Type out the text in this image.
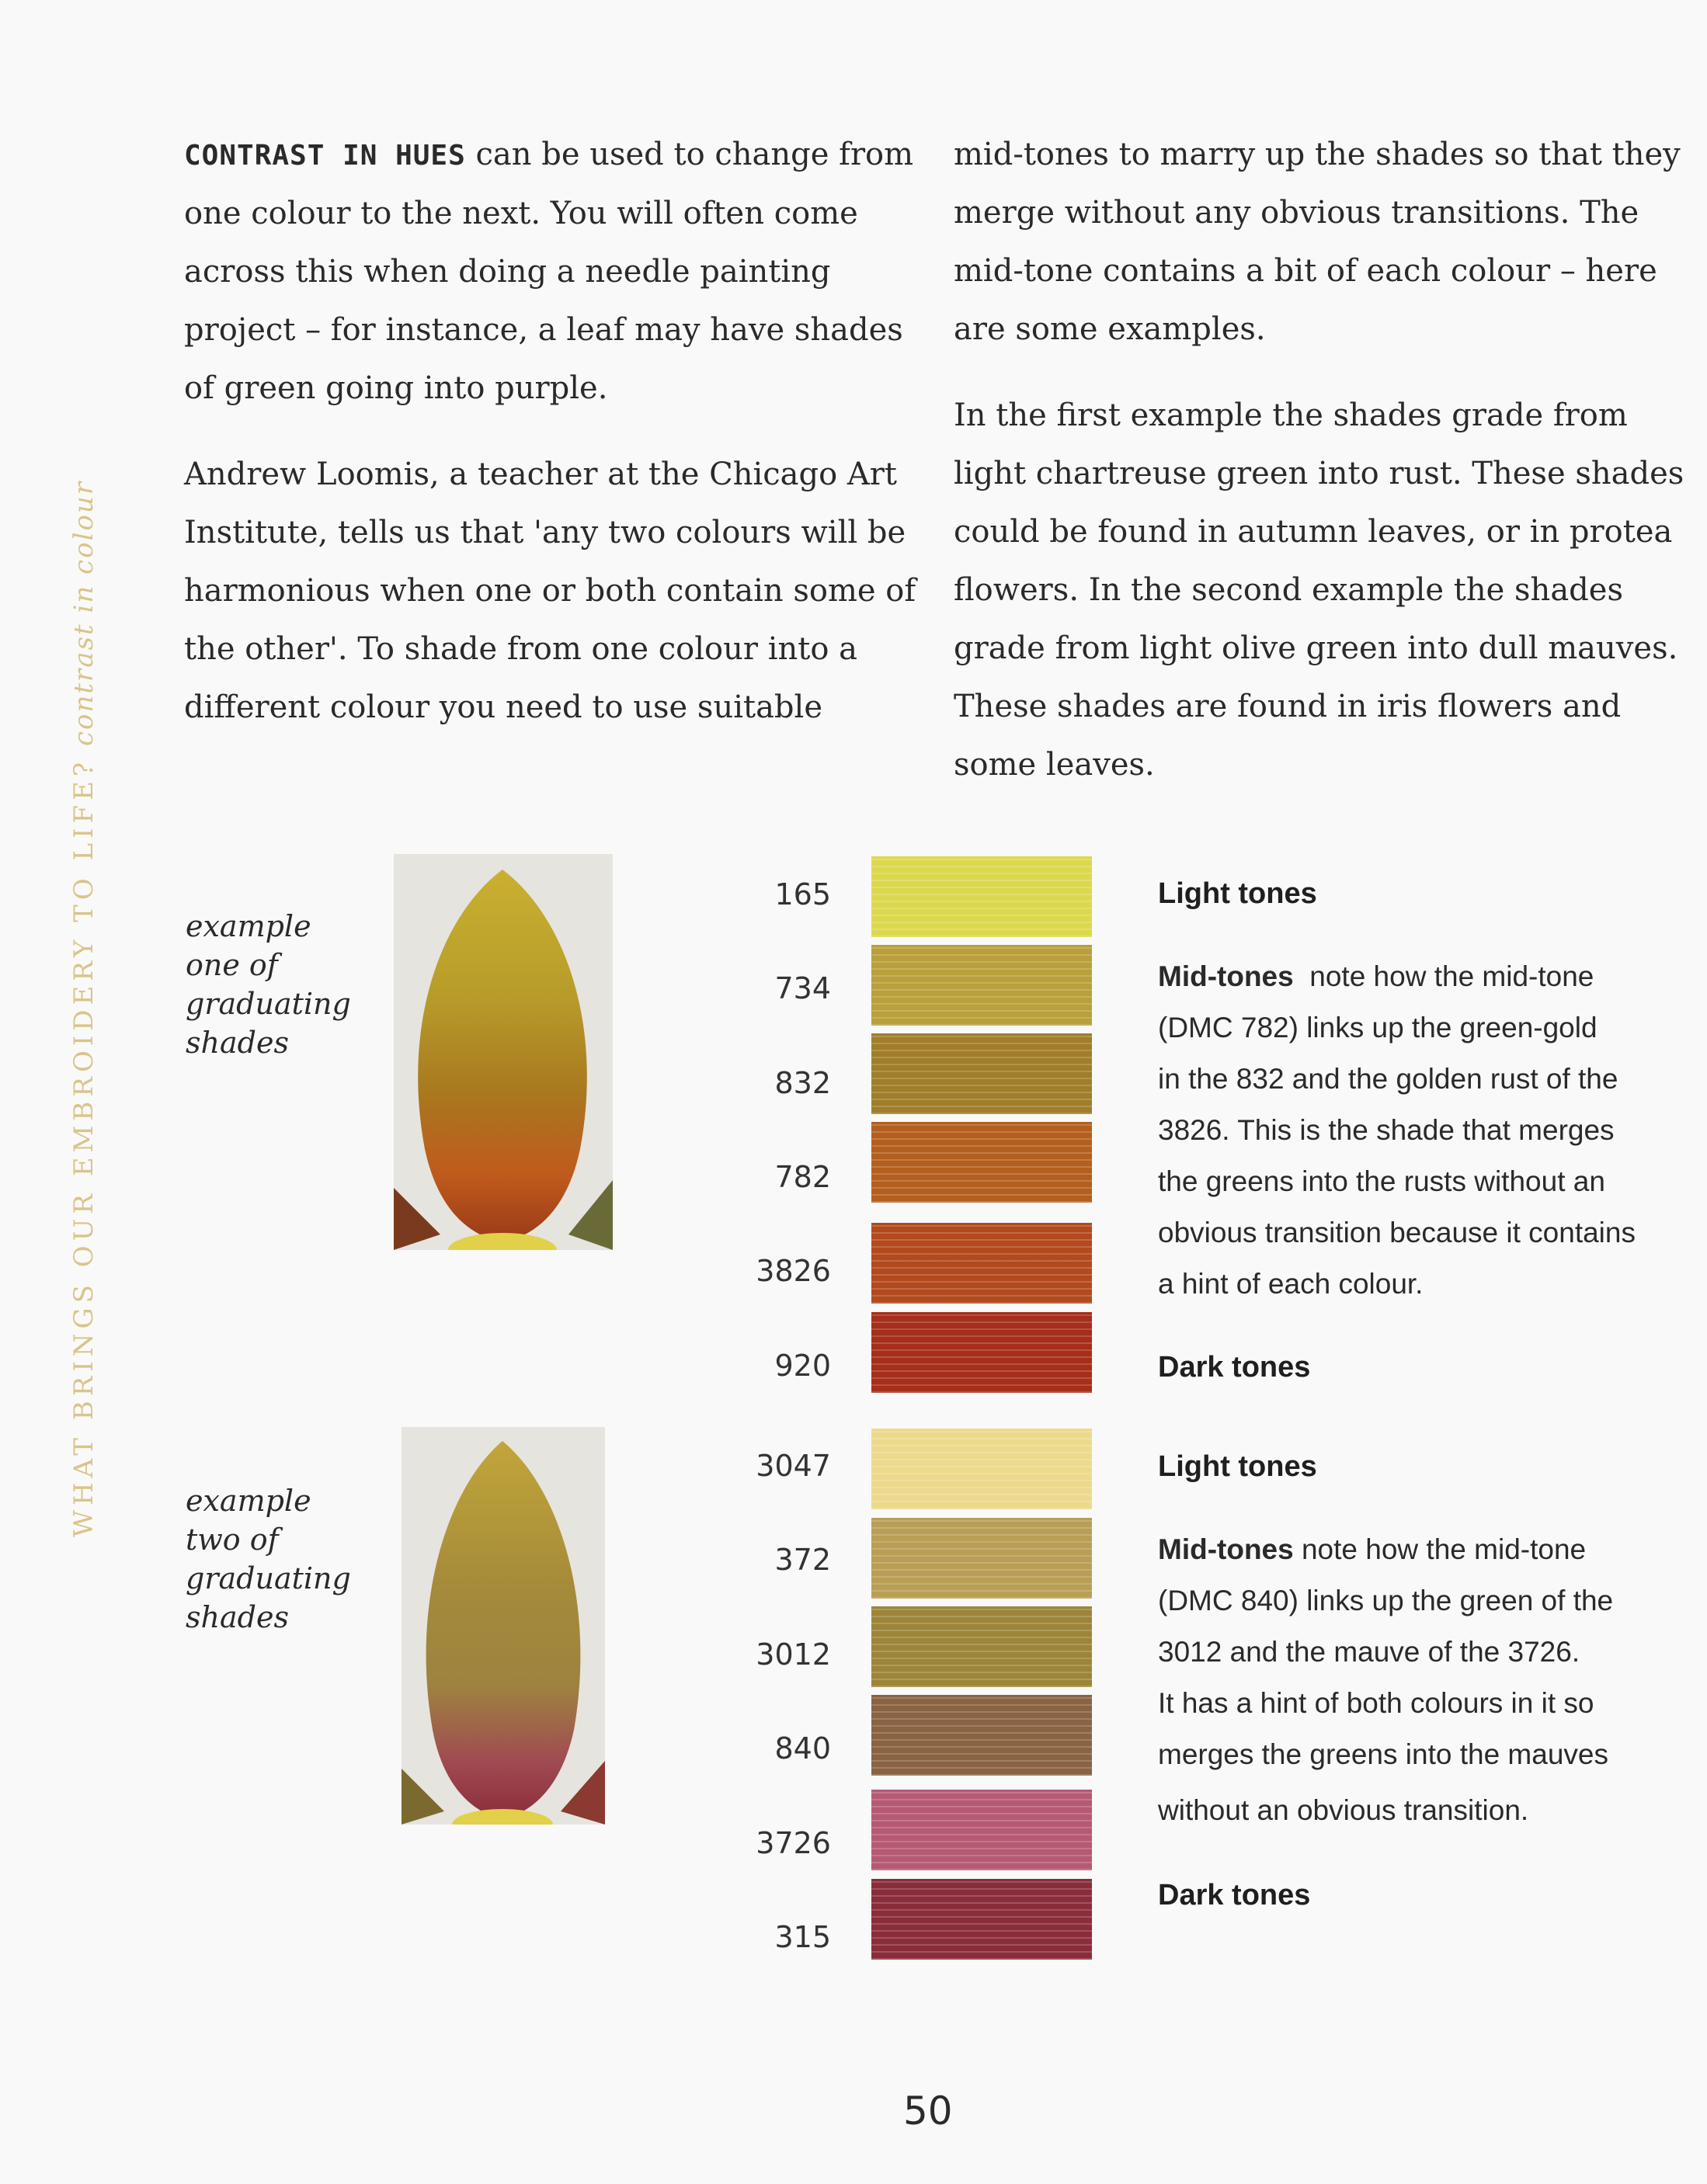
WHAT BRINGS OUR EMBROIDERY TO LIFE? contrast in colour

CONTRAST IN HUES can be used to change from one colour to the next. You will often come across this when doing a needle painting project – for instance, a leaf may have shades of green going into purple.

Andrew Loomis, a teacher at the Chicago Art Institute, tells us that 'any two colours will be harmonious when one or both contain some of the other'. To shade from one colour into a different colour you need to use suitable

mid-tones to marry up the shades so that they merge without any obvious transitions. The mid-tone contains a bit of each colour – here are some examples.

In the first example the shades grade from light chartreuse green into rust. These shades could be found in autumn leaves, or in protea flowers. In the second example the shades grade from light olive green into dull mauves. These shades are found in iris flowers and some leaves.

example
one of
graduating
shades
165
734
832
782
3826
920
Light tones
Mid-tones note how the mid-tone
(DMC 782) links up the green-gold
in the 832 and the golden rust of the
3826. This is the shade that merges
the greens into the rusts without an
obvious transition because it contains
a hint of each colour.
Dark tones
example
two of
graduating
shades
3047
372
3012
840
3726
315
Light tones
Mid-tones note how the mid-tone
(DMC 840) links up the green of the
3012 and the mauve of the 3726.
It has a hint of both colours in it so
merges the greens into the mauves
without an obvious transition.
Dark tones
50
